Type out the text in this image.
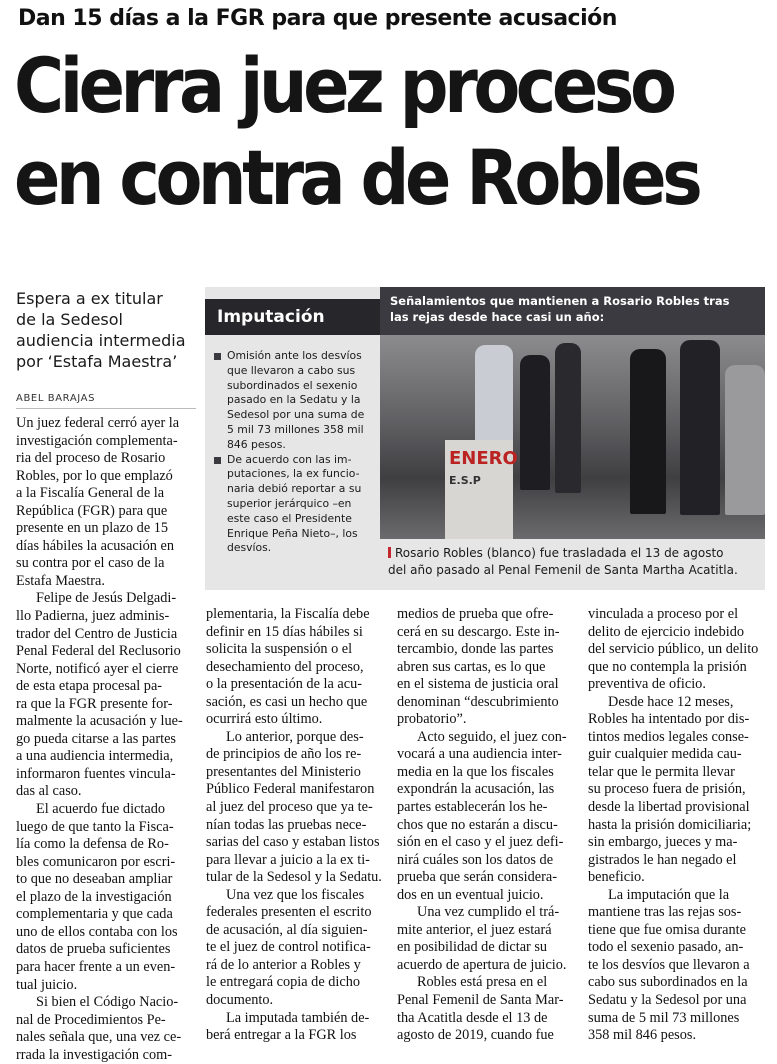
Dan 15 días a la FGR para que presente acusación
Cierra juez proceso
en contra de Robles
Espera a ex titular
de la Sedesol
audiencia intermedia
por ‘Estafa Maestra’
ABEL BARAJAS
Imputación
Señalamientos que mantienen a Rosario Robles tras
las rejas desde hace casi un año:
Omisión ante los desvíos
que llevaron a cabo sus
subordinados el sexenio
pasado en la Sedatu y la
Sedesol por una suma de
5 mil 73 millones 358 mil
846 pesos.
De acuerdo con las im-
putaciones, la ex funcio-
naria debió reportar a su
superior jerárquico –en
este caso el Presidente
Enrique Peña Nieto–, los
desvíos.
ENERO
E.S.P
Rosario Robles (blanco) fue trasladada el 13 de agosto
del año pasado al Penal Femenil de Santa Martha Acatitla.
Un juez federal cerró ayer la
investigación complementa-
ria del proceso de Rosario
Robles, por lo que emplazó
a la Fiscalía General de la
República (FGR) para que
presente en un plazo de 15
días hábiles la acusación en
su contra por el caso de la
Estafa Maestra.
Felipe de Jesús Delgadi-
llo Padierna, juez adminis-
trador del Centro de Justicia
Penal Federal del Reclusorio
Norte, notificó ayer el cierre
de esta etapa procesal pa-
ra que la FGR presente for-
malmente la acusación y lue-
go pueda citarse a las partes
a una audiencia intermedia,
informaron fuentes vincula-
das al caso.
El acuerdo fue dictado
luego de que tanto la Fisca-
lía como la defensa de Ro-
bles comunicaron por escri-
to que no deseaban ampliar
el plazo de la investigación
complementaria y que cada
uno de ellos contaba con los
datos de prueba suficientes
para hacer frente a un even-
tual juicio.
Si bien el Código Nacio-
nal de Procedimientos Pe-
nales señala que, una vez ce-
rrada la investigación com-
plementaria, la Fiscalía debe
definir en 15 días hábiles si
solicita la suspensión o el
desechamiento del proceso,
o la presentación de la acu-
sación, es casi un hecho que
ocurrirá esto último.
Lo anterior, porque des-
de principios de año los re-
presentantes del Ministerio
Público Federal manifestaron
al juez del proceso que ya te-
nían todas las pruebas nece-
sarias del caso y estaban listos
para llevar a juicio a la ex ti-
tular de la Sedesol y la Sedatu.
Una vez que los fiscales
federales presenten el escrito
de acusación, al día siguien-
te el juez de control notifica-
rá de lo anterior a Robles y
le entregará copia de dicho
documento.
La imputada también de-
berá entregar a la FGR los
medios de prueba que ofre-
cerá en su descargo. Este in-
tercambio, donde las partes
abren sus cartas, es lo que
en el sistema de justicia oral
denominan “descubrimiento
probatorio”.
Acto seguido, el juez con-
vocará a una audiencia inter-
media en la que los fiscales
expondrán la acusación, las
partes establecerán los he-
chos que no estarán a discu-
sión en el caso y el juez defi-
nirá cuáles son los datos de
prueba que serán considera-
dos en un eventual juicio.
Una vez cumplido el trá-
mite anterior, el juez estará
en posibilidad de dictar su
acuerdo de apertura de juicio.
Robles está presa en el
Penal Femenil de Santa Mar-
tha Acatitla desde el 13 de
agosto de 2019, cuando fue
vinculada a proceso por el
delito de ejercicio indebido
del servicio público, un delito
que no contempla la prisión
preventiva de oficio.
Desde hace 12 meses,
Robles ha intentado por dis-
tintos medios legales conse-
guir cualquier medida cau-
telar que le permita llevar
su proceso fuera de prisión,
desde la libertad provisional
hasta la prisión domiciliaria;
sin embargo, jueces y ma-
gistrados le han negado el
beneficio.
La imputación que la
mantiene tras las rejas sos-
tiene que fue omisa durante
todo el sexenio pasado, an-
te los desvíos que llevaron a
cabo sus subordinados en la
Sedatu y la Sedesol por una
suma de 5 mil 73 millones
358 mil 846 pesos.
